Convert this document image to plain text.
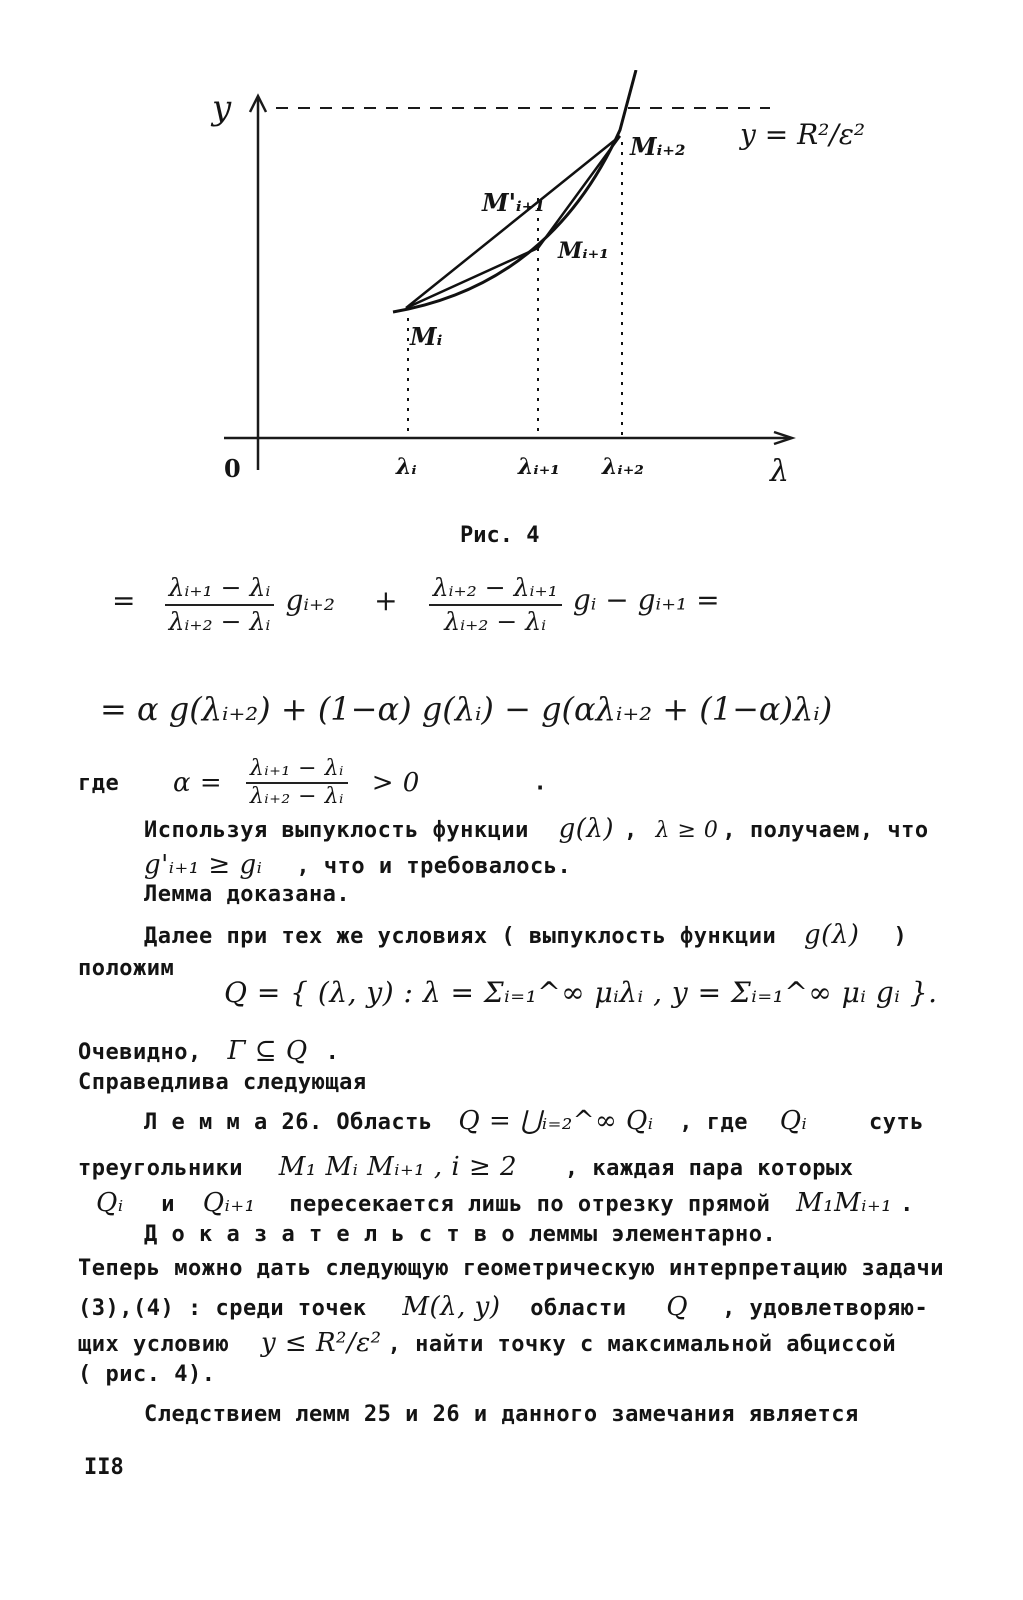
y
λ
0
y = R²/ε²
Mᵢ₊₂
M'ᵢ₊₁
Mᵢ₊₁
Mᵢ
λᵢ	λᵢ₊₁ λᵢ₊₂
Рис. 4
= $\frac{\text{λᵢ₊₁ − λᵢ}}{\text{λᵢ₊₂ − λᵢ}}$ gᵢ₊₂ + $\frac{\text{λᵢ₊₂ − λᵢ₊₁}}{\text{λᵢ₊₂ − λᵢ}}$ gᵢ − gᵢ₊₁ =
= α g(λᵢ₊₂) + (1−α) g(λᵢ) − g(αλᵢ₊₂ + (1−α)λᵢ)
где $\alpha = \frac{\text{λᵢ₊₁ − λᵢ}}{\text{λᵢ₊₂ − λᵢ}} > 0$	.
Используя выпуклость функции g(λ) , λ ≥ 0 , получаем, что
g'ᵢ₊₁ ≥ gᵢ , что и требовалось.
Лемма доказана.
Далее при тех же условиях ( выпуклость функции g(λ) )
положим Q = { (λ, y) : λ = Σᵢ₌₁^∞ μᵢλᵢ , y = Σᵢ₌₁^∞ μᵢ gᵢ }.
Очевидно, Γ ⊆ Q .
Справедлива следующая
Л е м м а 26. Область Q = ⋃ᵢ₌₂^∞ Qᵢ , где Qᵢ	суть
треугольники M₁ Mᵢ Mᵢ₊₁ , i ≥ 2 , каждая пара которых
Qᵢ и Qᵢ₊₁ пересекается лишь по отрезку прямой M₁Mᵢ₊₁ .
Д о к а з а т е л ь с т в о леммы элементарно.
Теперь можно дать следующую геометрическую интерпретацию задачи
(3),(4) : среди точек M(λ, y) области Q , удовлетворяю-
щих условию y ≤ R²/ε² , найти точку с максимальной абциссой
( рис. 4).
Следствием лемм 25 и 26 и данного замечания является
II8
